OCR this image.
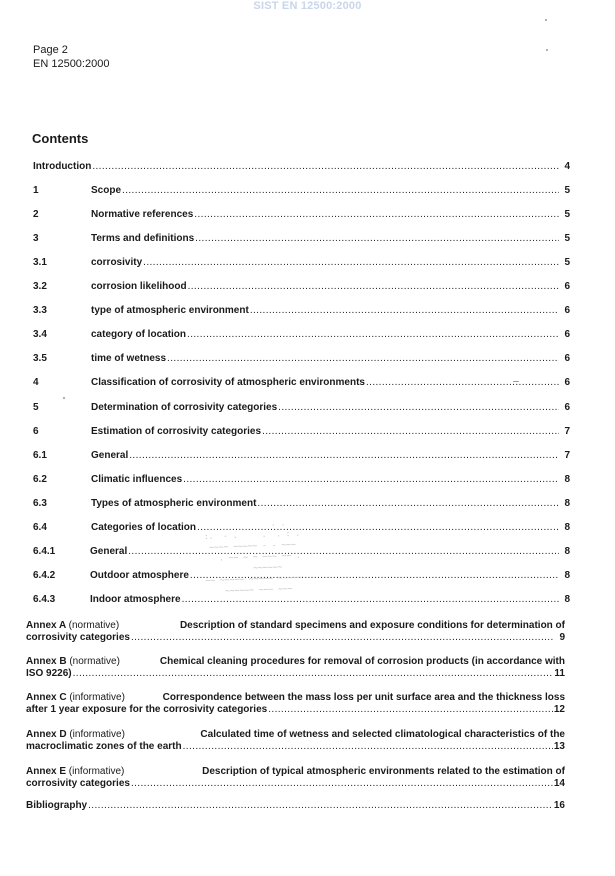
SIST EN 12500:2000
Page 2
EN 12500:2000
Contents
Introduction .....	4
1	Scope .....	5
2	Normative references .....	5
3	Terms and definitions .....	5
3.1	corrosivity .....	5
3.2	corrosion likelihood .....	6
3.3	type of atmospheric environment .....	6
3.4	category of location .....	6
3.5	time of wetness .....	6
4	Classification of corrosivity of atmospheric environments .....	6
5	Determination of corrosivity categories .....	6
6	Estimation of corrosivity categories .....	7
6.1	General .....	7
6.2	Climatic influences .....	8
6.3	Types of atmospheric environment .....	8
6.4	Categories of location .....	8
6.4.1	General .....	8
6.4.2	Outdoor atmosphere .....	8
6.4.3	Indoor atmosphere .....	8
. .
:.  - .     .  . : .
~~~~ ~~~~~ - - ~~~
. ~~ ~ ~ ~~~ ~~ .
~~~~~~
~~ ~~~~~ ~~~~~ ~~~~~
~~~~~~ ~~~ ~~~
Annex A (normative)	Description of standard specimens and exposure conditions for determination of
corrosivity categories .....	9
Annex B (normative)	Chemical cleaning procedures for removal of corrosion products (in accordance with
ISO 9226) .....	11
Annex C (informative)	Correspondence between the mass loss per unit surface area and the thickness loss
after 1 year exposure for the corrosivity categories .....	12
Annex D (informative)	Calculated time of wetness and selected climatological characteristics of the
macroclimatic zones of the earth .....	13
Annex E (informative)	Description of typical atmospheric environments related to the estimation of
corrosivity categories .....	14
Bibliography .....	16
